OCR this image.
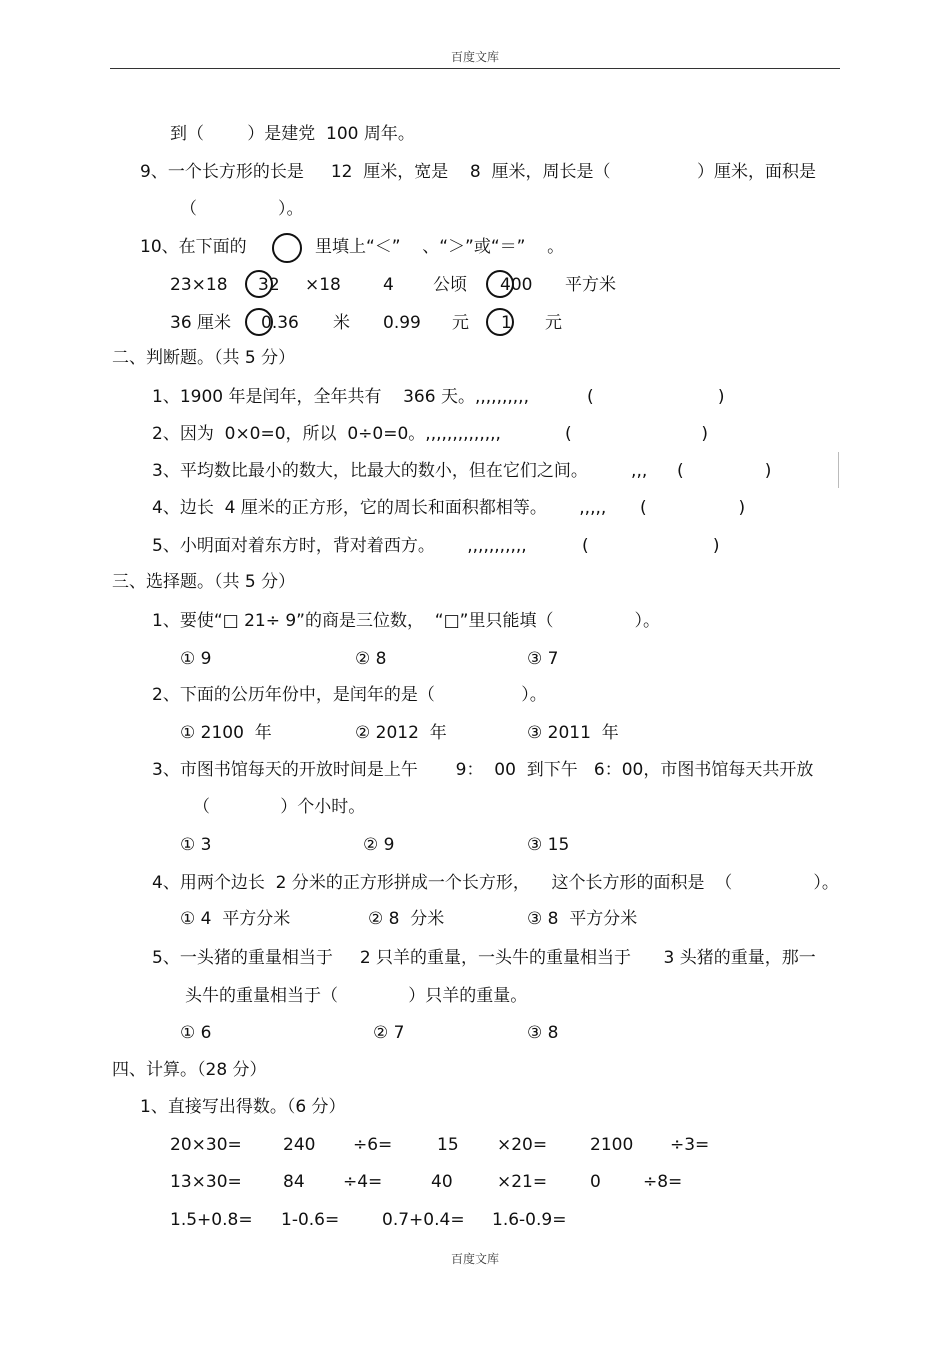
百度文库
到（        ）是建党  100 周年。
9、一个长方形的长是     12  厘米，宽是    8  厘米，周长是（                ）厘米，面积是
（               ）。
10、在下面的	里填上“＜”    、“＞”或“＝”    。
23×18 32 ×18 4 公顷 400 平方米
36 厘米 0.36 米 0.99 元 1 元
二、判断题。（共 5 分）
1、1900 年是闰年，全年共有    366 天。,,,,,,,,,,	(                       )
2、因为  0×0=0，所以  0÷0=0。,,,,,,,,,,,,,,	(                        )
3、平均数比最小的数大，比最大的数小，但在它们之间。        ,,, (               )
4、边长  4 厘米的正方形，它的周长和面积都相等。      ,,,,, (                 )
5、小明面对着东方时，背对着西方。      ,,,,,,,,,,,	(                       )
三、选择题。（共 5 分）
1、要使“□ 21÷ 9”的商是三位数，  “□”里只能填（               ）。
① 9	② 8	③ 7
2、下面的公历年份中，是闰年的是（                ）。
① 2100  年	② 2012  年	③ 2011  年
3、市图书馆每天的开放时间是上午       9：  00  到下午   6：00，市图书馆每天共开放
（             ）个小时。
① 3	② 9	③ 15
4、用两个边长  2 分米的正方形拼成一个长方形，    这个长方形的面积是  （               ）。
① 4  平方分米	② 8  分米	③ 8  平方分米
5、一头猪的重量相当于     2 只羊的重量，一头牛的重量相当于      3 头猪的重量，那一
头牛的重量相当于（             ）只羊的重量。
① 6	② 7	③ 8
四、计算。（28 分）
1、直接写出得数。（6 分）
20×30= 240 ÷6=	15 ×20=	2100 ÷3=
13×30= 84 ÷4=	40	×21=	0 ÷8=
1.5+0.8= 1-0.6=	0.7+0.4= 1.6-0.9=
百度文库
